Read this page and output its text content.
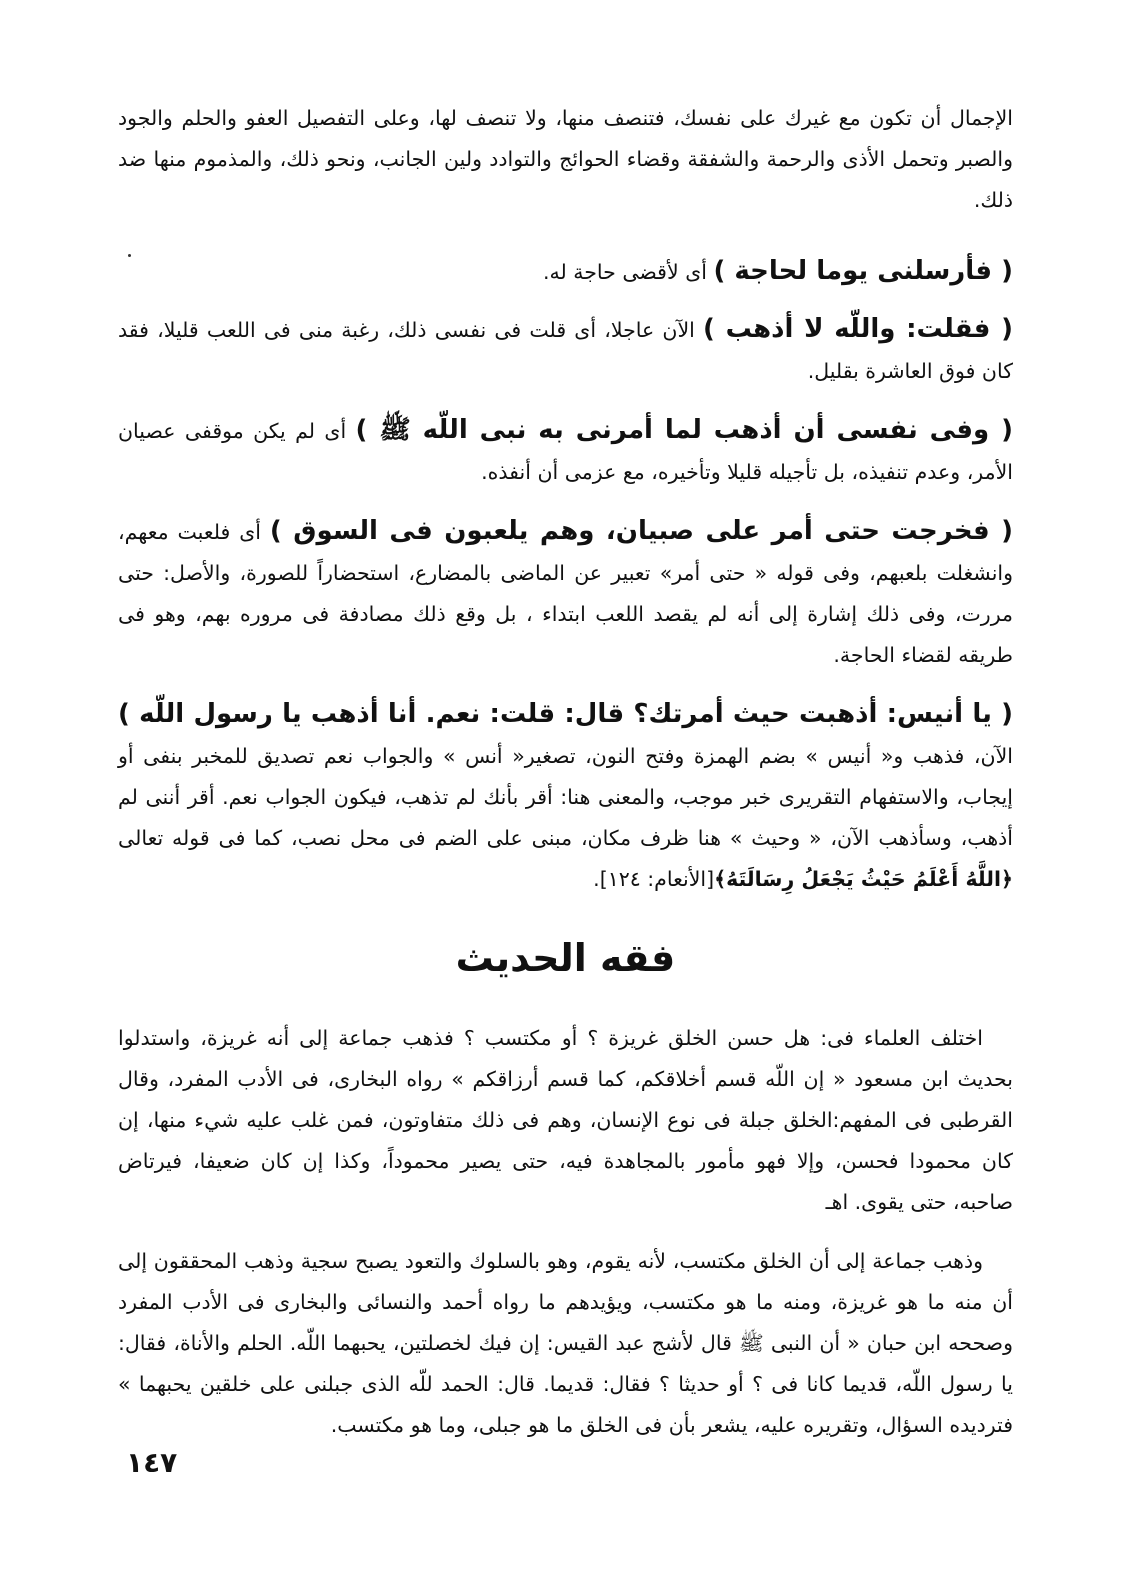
الإجمال أن تكون مع غيرك على نفسك، فتنصف منها، ولا تنصف لها، وعلى التفصيل العفو والحلم والجود والصبر وتحمل الأذى والرحمة والشفقة وقضاء الحوائج والتوادد ولين الجانب، ونحو ذلك، والمذموم منها ضد ذلك.

( فأرسلنى يوما لحاجة ) أى لأقضى حاجة له.

( فقلت: واللّه لا أذهب ) الآن عاجلا، أى قلت فى نفسى ذلك، رغبة منى فى اللعب قليلا، فقد كان فوق العاشرة بقليل.

( وفى نفسى أن أذهب لما أمرنى به نبى اللّه ﷺ ) أى لم يكن موقفى عصيان الأمر، وعدم تنفيذه، بل تأجيله قليلا وتأخيره، مع عزمى أن أنفذه.

( فخرجت حتى أمر على صبيان، وهم يلعبون فى السوق ) أى فلعبت معهم، وانشغلت بلعبهم، وفى قوله « حتى أمر» تعبير عن الماضى بالمضارع، استحضاراً للصورة، والأصل: حتى مررت، وفى ذلك إشارة إلى أنه لم يقصد اللعب ابتداء ، بل وقع ذلك مصادفة فى مروره بهم، وهو فى طريقه لقضاء الحاجة.

( يا أنيس: أذهبت حيث أمرتك؟ قال: قلت: نعم. أنا أذهب يا رسول اللّه ) الآن، فذهب و« أنيس » بضم الهمزة وفتح النون، تصغير« أنس » والجواب نعم تصديق للمخبر بنفى أو إيجاب، والاستفهام التقريرى خبر موجب، والمعنى هنا: أقر بأنك لم تذهب، فيكون الجواب نعم. أقر أننى لم أذهب، وسأذهب الآن، « وحيث » هنا ظرف مكان، مبنى على الضم فى محل نصب، كما فى قوله تعالى ﴿اللَّهُ أَعْلَمُ حَيْثُ يَجْعَلُ رِسَالَتَهُ﴾[الأنعام: ١٢٤].

فقه الحديث

اختلف العلماء فى: هل حسن الخلق غريزة ؟ أو مكتسب ؟ فذهب جماعة إلى أنه غريزة، واستدلوا بحديث ابن مسعود « إن اللّه قسم أخلاقكم، كما قسم أرزاقكم » رواه البخارى، فى الأدب المفرد، وقال القرطبى فى المفهم:الخلق جبلة فى نوع الإنسان، وهم فى ذلك متفاوتون، فمن غلب عليه شيء منها، إن كان محمودا فحسن، وإلا فهو مأمور بالمجاهدة فيه، حتى يصير محموداً، وكذا إن كان ضعيفا، فيرتاض صاحبه، حتى يقوى. اهـ

وذهب جماعة إلى أن الخلق مكتسب، لأنه يقوم، وهو بالسلوك والتعود يصبح سجية وذهب المحققون إلى أن منه ما هو غريزة، ومنه ما هو مكتسب، ويؤيدهم ما رواه أحمد والنسائى والبخارى فى الأدب المفرد وصححه ابن حبان « أن النبى ﷺ قال لأشج عبد القيس: إن فيك لخصلتين، يحبهما اللّه. الحلم والأناة، فقال: يا رسول اللّه، قديما كانا فى ؟ أو حديثا ؟ فقال: قديما. قال: الحمد للّه الذى جبلنى على خلقين يحبهما » فترديده السؤال، وتقريره عليه، يشعر بأن فى الخلق ما هو جبلى، وما هو مكتسب.

١٤٧
